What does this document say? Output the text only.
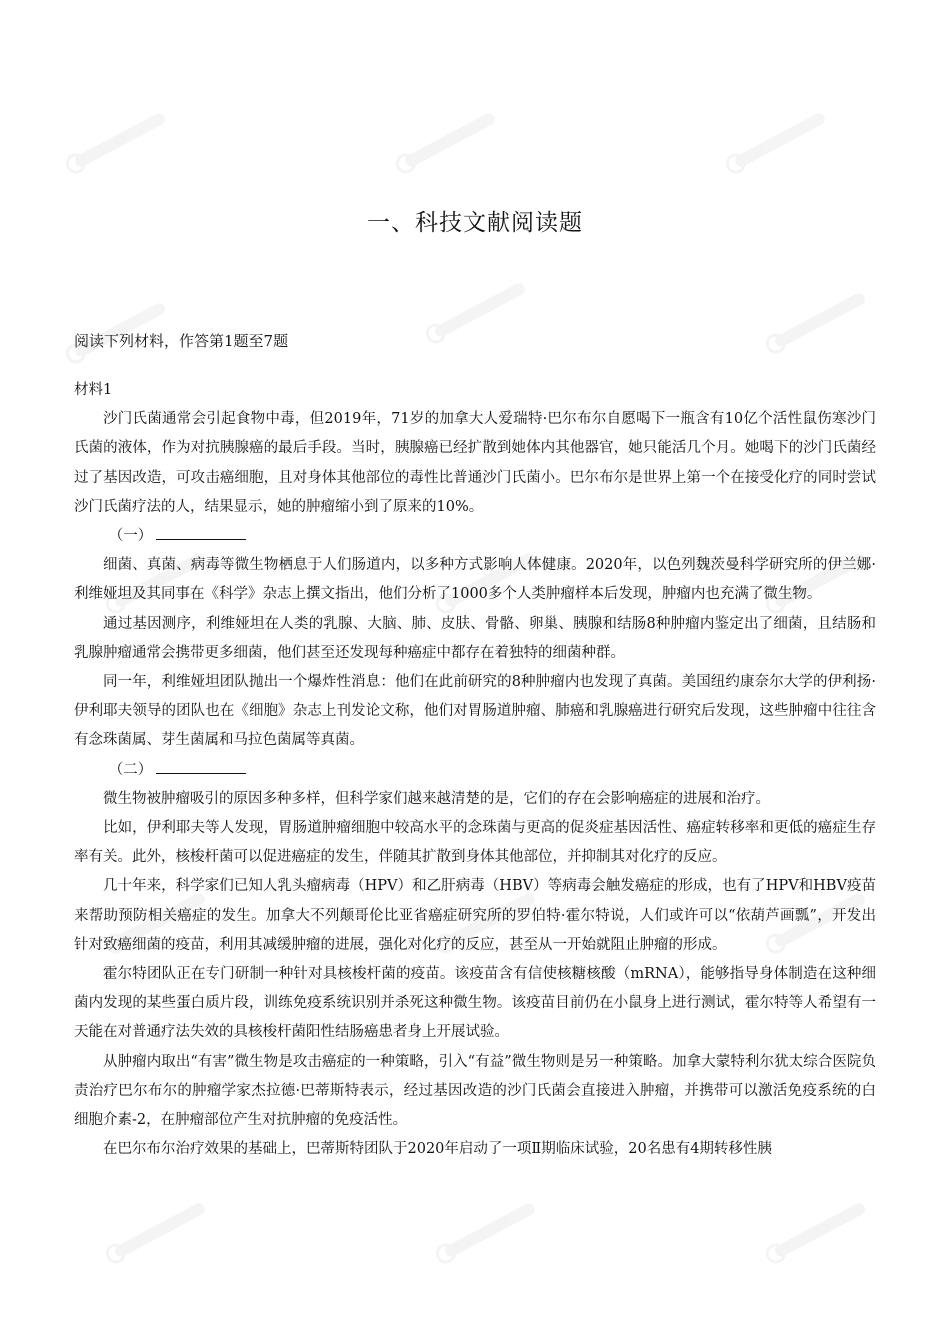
一、科技文献阅读题

阅读下列材料，作答第1题至7题

材料1

沙门氏菌通常会引起食物中毒，但2019年，71岁的加拿大人爱瑞特·巴尔布尔自愿喝下一瓶含有10亿个活性鼠伤寒沙门氏菌的液体，作为对抗胰腺癌的最后手段。当时，胰腺癌已经扩散到她体内其他器官，她只能活几个月。她喝下的沙门氏菌经过了基因改造，可攻击癌细胞，且对身体其他部位的毒性比普通沙门氏菌小。巴尔布尔是世界上第一个在接受化疗的同时尝试沙门氏菌疗法的人，结果显示，她的肿瘤缩小到了原来的10%。

（一）

细菌、真菌、病毒等微生物栖息于人们肠道内，以多种方式影响人体健康。2020年，以色列魏茨曼科学研究所的伊兰娜·利维娅坦及其同事在《科学》杂志上撰文指出，他们分析了1000多个人类肿瘤样本后发现，肿瘤内也充满了微生物。

通过基因测序，利维娅坦在人类的乳腺、大脑、肺、皮肤、骨骼、卵巢、胰腺和结肠8种肿瘤内鉴定出了细菌，且结肠和乳腺肿瘤通常会携带更多细菌，他们甚至还发现每种癌症中都存在着独特的细菌种群。

同一年，利维娅坦团队抛出一个爆炸性消息：他们在此前研究的8种肿瘤内也发现了真菌。美国纽约康奈尔大学的伊利扬·伊利耶夫领导的团队也在《细胞》杂志上刊发论文称，他们对胃肠道肿瘤、肺癌和乳腺癌进行研究后发现，这些肿瘤中往往含有念珠菌属、芽生菌属和马拉色菌属等真菌。

（二）

微生物被肿瘤吸引的原因多种多样，但科学家们越来越清楚的是，它们的存在会影响癌症的进展和治疗。

比如，伊利耶夫等人发现，胃肠道肿瘤细胞中较高水平的念珠菌与更高的促炎症基因活性、癌症转移率和更低的癌症生存率有关。此外，核梭杆菌可以促进癌症的发生，伴随其扩散到身体其他部位，并抑制其对化疗的反应。

几十年来，科学家们已知人乳头瘤病毒（HPV）和乙肝病毒（HBV）等病毒会触发癌症的形成，也有了HPV和HBV疫苗来帮助预防相关癌症的发生。加拿大不列颠哥伦比亚省癌症研究所的罗伯特·霍尔特说，人们或许可以“依葫芦画瓢”，开发出针对致癌细菌的疫苗，利用其减缓肿瘤的进展，强化对化疗的反应，甚至从一开始就阻止肿瘤的形成。

霍尔特团队正在专门研制一种针对具核梭杆菌的疫苗。该疫苗含有信使核糖核酸（mRNA），能够指导身体制造在这种细菌内发现的某些蛋白质片段，训练免疫系统识别并杀死这种微生物。该疫苗目前仍在小鼠身上进行测试，霍尔特等人希望有一天能在对普通疗法失效的具核梭杆菌阳性结肠癌患者身上开展试验。

从肿瘤内取出“有害”微生物是攻击癌症的一种策略，引入“有益”微生物则是另一种策略。加拿大蒙特利尔犹太综合医院负责治疗巴尔布尔的肿瘤学家杰拉德·巴蒂斯特表示，经过基因改造的沙门氏菌会直接进入肿瘤，并携带可以激活免疫系统的白细胞介素-2，在肿瘤部位产生对抗肿瘤的免疫活性。

在巴尔布尔治疗效果的基础上，巴蒂斯特团队于2020年启动了一项Ⅱ期临床试验，20名患有4期转移性胰
